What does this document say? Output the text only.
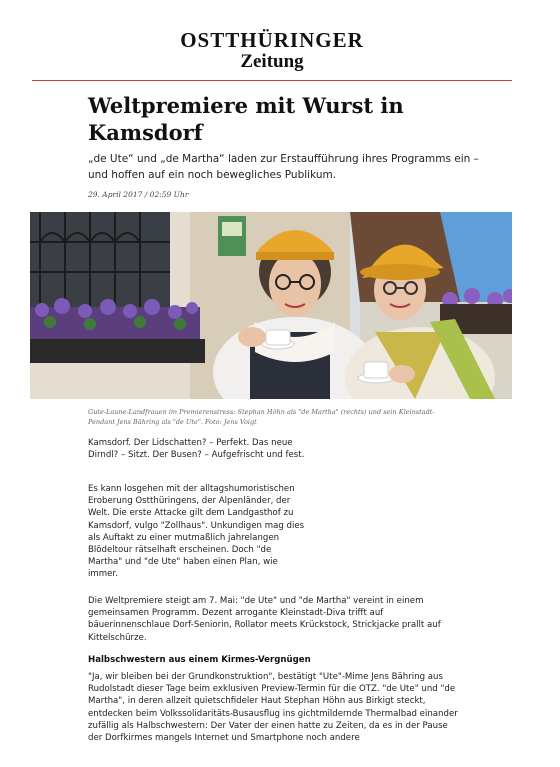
OSTTHÜRINGER
Zeitung
Weltpremiere mit Wurst in Kamsdorf

„de Ute“ und „de Martha“ laden zur Erstaufführung ihres Programms ein – und hoffen auf ein noch bewegliches Publikum.

29. April 2017 / 02:59 Uhr

Gute-Laune-Landfrauen im Premierenstress: Stephan Höhn als "de Martha" (rechts) und sein Kleinstadt-Pendant Jens Bähring als "de Ute". Foto: Jens Voigt

Kamsdorf. Der Lidschatten? – Perfekt. Das neue Dirndl? – Sitzt. Der Busen? – Aufgefrischt und fest.

Es kann losgehen mit der alltagshumoristischen Eroberung Ostthüringens, der Alpenländer, der Welt. Die erste Attacke gilt dem Landgasthof zu Kamsdorf, vulgo "Zollhaus". Unkundigen mag dies als Auftakt zu einer mutmaßlich jahrelangen Blödeltour rätselhaft erscheinen. Doch "de Martha" und "de Ute" haben einen Plan, wie immer.

Die Weltpremiere steigt am 7. Mai: "de Ute" und "de Martha" vereint in einem gemeinsamen Programm. Dezent arrogante Kleinstadt-Diva trifft auf bäuerinnenschlaue Dorf-Seniorin, Rollator meets Krückstock, Strickjacke prallt auf Kittelschürze.

Halbschwestern aus einem Kirmes-Vergnügen

"Ja, wir bleiben bei der Grundkonstruktion", bestätigt "Ute"-Mime Jens Bähring aus Rudolstadt dieser Tage beim exklusiven Preview-Termin für die OTZ. "de Ute" und "de Martha", in deren allzeit quietschfideler Haut Stephan Höhn aus Birkigt steckt, entdecken beim Volkssolidaritäts-Busausflug ins gichtmildernde Thermalbad einander zufällig als Halbschwestern: Der Vater der einen hatte zu Zeiten, da es in der Pause der Dorfkirmes mangels Internet und Smartphone noch andere
